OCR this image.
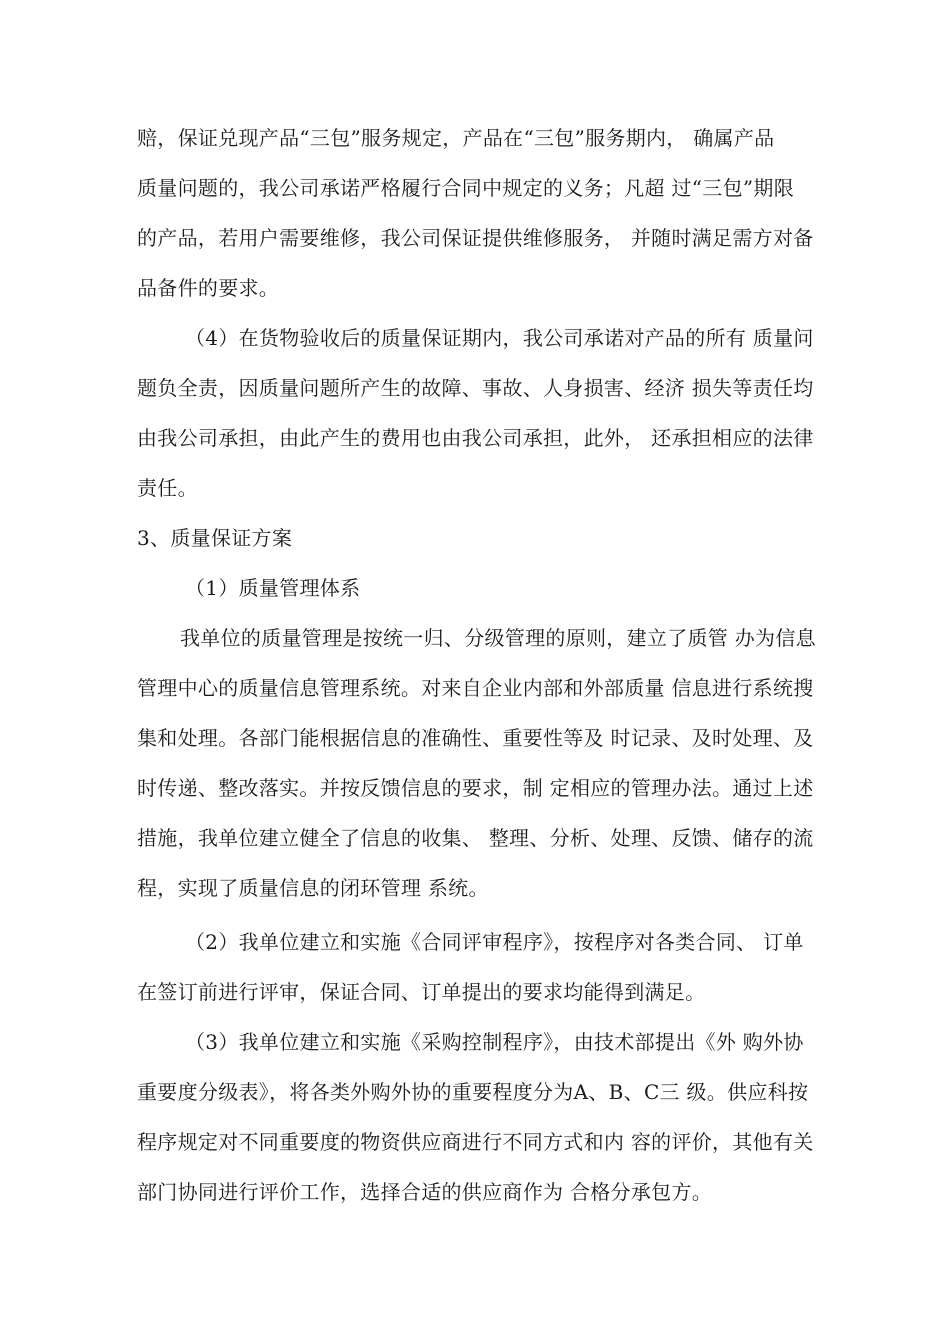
赔，保证兑现产品“三包”服务规定，产品在“三包”服务期内， 确属产品
质量问题的，我公司承诺严格履行合同中规定的义务；凡超 过“三包”期限
的产品，若用户需要维修，我公司保证提供维修服务， 并随时满足需方对备
品备件的要求。
（4）在货物验收后的质量保证期内，我公司承诺对产品的所有 质量问
题负全责，因质量问题所产生的故障、事故、人身损害、经济 损失等责任均
由我公司承担，由此产生的费用也由我公司承担，此外， 还承担相应的法律
责任。
3、质量保证方案
（1）质量管理体系
我单位的质量管理是按统一归、分级管理的原则，建立了质管 办为信息
管理中心的质量信息管理系统。对来自企业内部和外部质量 信息进行系统搜
集和处理。各部门能根据信息的准确性、重要性等及 时记录、及时处理、及
时传递、整改落实。并按反馈信息的要求，制 定相应的管理办法。通过上述
措施，我单位建立健全了信息的收集、 整理、分析、处理、反馈、储存的流
程，实现了质量信息的闭环管理 系统。
（2）我单位建立和实施《合同评审程序》，按程序对各类合同、 订单
在签订前进行评审，保证合同、订单提出的要求均能得到满足。
（3）我单位建立和实施《采购控制程序》，由技术部提出《外 购外协
重要度分级表》，将各类外购外协的重要程度分为A、B、C三 级。供应科按
程序规定对不同重要度的物资供应商进行不同方式和内 容的评价，其他有关
部门协同进行评价工作，选择合适的供应商作为 合格分承包方。
